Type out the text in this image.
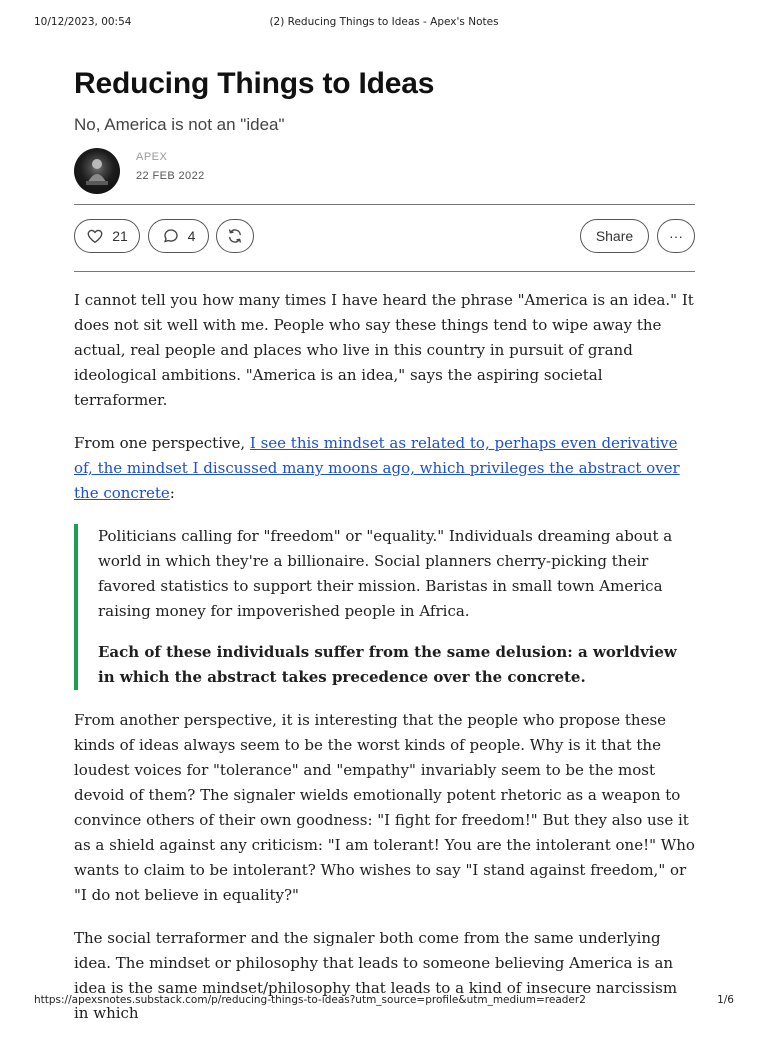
10/12/2023, 00:54	(2) Reducing Things to Ideas - Apex's Notes
Reducing Things to Ideas
No, America is not an "idea"
APEX
22 FEB 2022
21	4	Share	···

I cannot tell you how many times I have heard the phrase "America is an idea." It does not sit well with me. People who say these things tend to wipe away the actual, real people and places who live in this country in pursuit of grand ideological ambitions. "America is an idea," says the aspiring societal terraformer.

From one perspective, I see this mindset as related to, perhaps even derivative of, the mindset I discussed many moons ago, which privileges the abstract over the concrete:

Politicians calling for "freedom" or "equality." Individuals dreaming about a world in which they're a billionaire. Social planners cherry-picking their favored statistics to support their mission. Baristas in small town America raising money for impoverished people in Africa.

Each of these individuals suffer from the same delusion: a worldview in which the abstract takes precedence over the concrete.

From another perspective, it is interesting that the people who propose these kinds of ideas always seem to be the worst kinds of people. Why is it that the loudest voices for "tolerance" and "empathy" invariably seem to be the most devoid of them? The signaler wields emotionally potent rhetoric as a weapon to convince others of their own goodness: "I fight for freedom!" But they also use it as a shield against any criticism: "I am tolerant! You are the intolerant one!" Who wants to claim to be intolerant? Who wishes to say "I stand against freedom," or "I do not believe in equality?"

The social terraformer and the signaler both come from the same underlying idea. The mindset or philosophy that leads to someone believing America is an idea is the same mindset/philosophy that leads to a kind of insecure narcissism in which

https://apexsnotes.substack.com/p/reducing-things-to-ideas?utm_source=profile&utm_medium=reader2	1/6
